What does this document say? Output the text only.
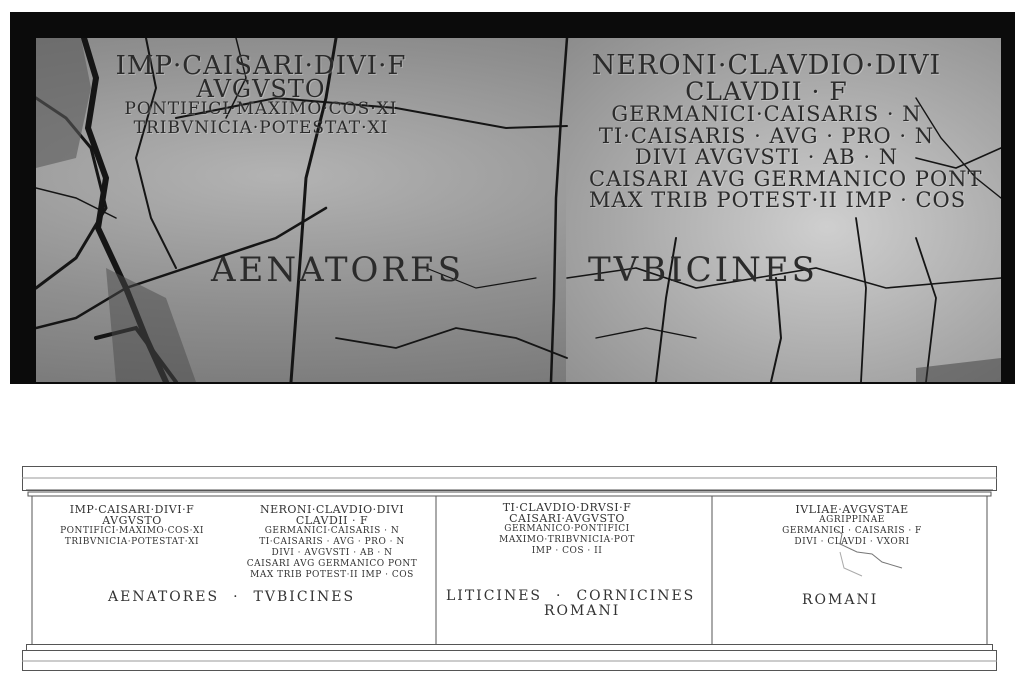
IMP·CAISARI·DIVI·F
AVGVSTO
PONTIFICI·MAXIMO·COS·XI
TRIBVNICIA·POTESTAT·XI
NERONI·CLAVDIO·DIVI
CLAVDII · F
GERMANICI·CAISARIS · N
TI·CAISARIS · AVG · PRO · N
DIVI AVGVSTI · AB · N
CAISARI AVG GERMANICO PONT
MAX TRIB POTEST·II IMP · COS
AENATORES	TVBICINES
IMP·CAISARI·DIVI·F
AVGVSTO
PONTIFICI·MAXIMO·COS·XI
TRIBVNICIA·POTESTAT·XI
NERONI·CLAVDIO·DIVI
CLAVDII · F
GERMANICI·CAISARIS · N
TI·CAISARIS · AVG · PRO · N
DIVI · AVGVSTI · AB · N
CAISARI AVG GERMANICO PONT
MAX TRIB POTEST·II IMP · COS
AENATORES · TVBICINES
TI·CLAVDIO·DRVSI·F
CAISARI·AVGVSTO
GERMANICO·PONTIFICI
MAXIMO·TRIBVNICIA·POT
IMP · COS · II
LITICINES · CORNICINES
ROMANI
IVLIAE·AVGVSTAE
AGRIPPINAE
GERMANICI · CAISARIS · F
DIVI · CLAVDI · VXORI
ROMANI
